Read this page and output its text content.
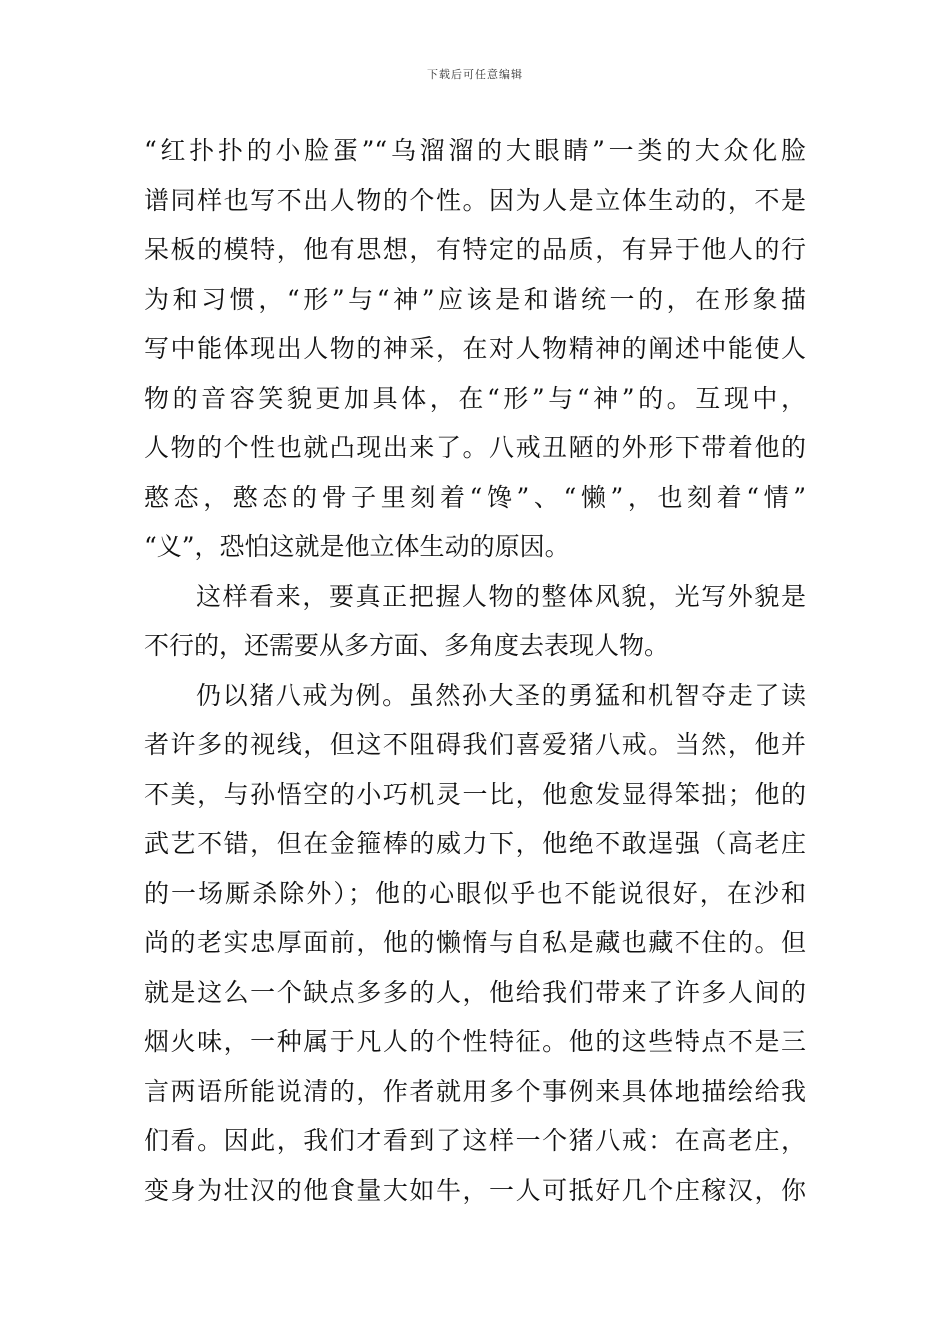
下载后可任意编辑
“红扑扑的小脸蛋”“乌溜溜的大眼睛”一类的大众化脸
谱同样也写不出人物的个性。因为人是立体生动的，不是
呆板的模特，他有思想，有特定的品质，有异于他人的行
为和习惯，“形”与“神”应该是和谐统一的，在形象描
写中能体现出人物的神采，在对人物精神的阐述中能使人
物的音容笑貌更加具体，在“形”与“神”的。互现中，
人物的个性也就凸现出来了。八戒丑陋的外形下带着他的
憨态，憨态的骨子里刻着“馋”、“懒”，也刻着“情”
“义”，恐怕这就是他立体生动的原因。
这样看来，要真正把握人物的整体风貌，光写外貌是
不行的，还需要从多方面、多角度去表现人物。
仍以猪八戒为例。虽然孙大圣的勇猛和机智夺走了读
者许多的视线，但这不阻碍我们喜爱猪八戒。当然，他并
不美，与孙悟空的小巧机灵一比，他愈发显得笨拙；他的
武艺不错，但在金箍棒的威力下，他绝不敢逞强（高老庄
的一场厮杀除外）；他的心眼似乎也不能说很好，在沙和
尚的老实忠厚面前，他的懒惰与自私是藏也藏不住的。但
就是这么一个缺点多多的人，他给我们带来了许多人间的
烟火味，一种属于凡人的个性特征。他的这些特点不是三
言两语所能说清的，作者就用多个事例来具体地描绘给我
们看。因此，我们才看到了这样一个猪八戒：在高老庄，
变身为壮汉的他食量大如牛，一人可抵好几个庄稼汉，你
